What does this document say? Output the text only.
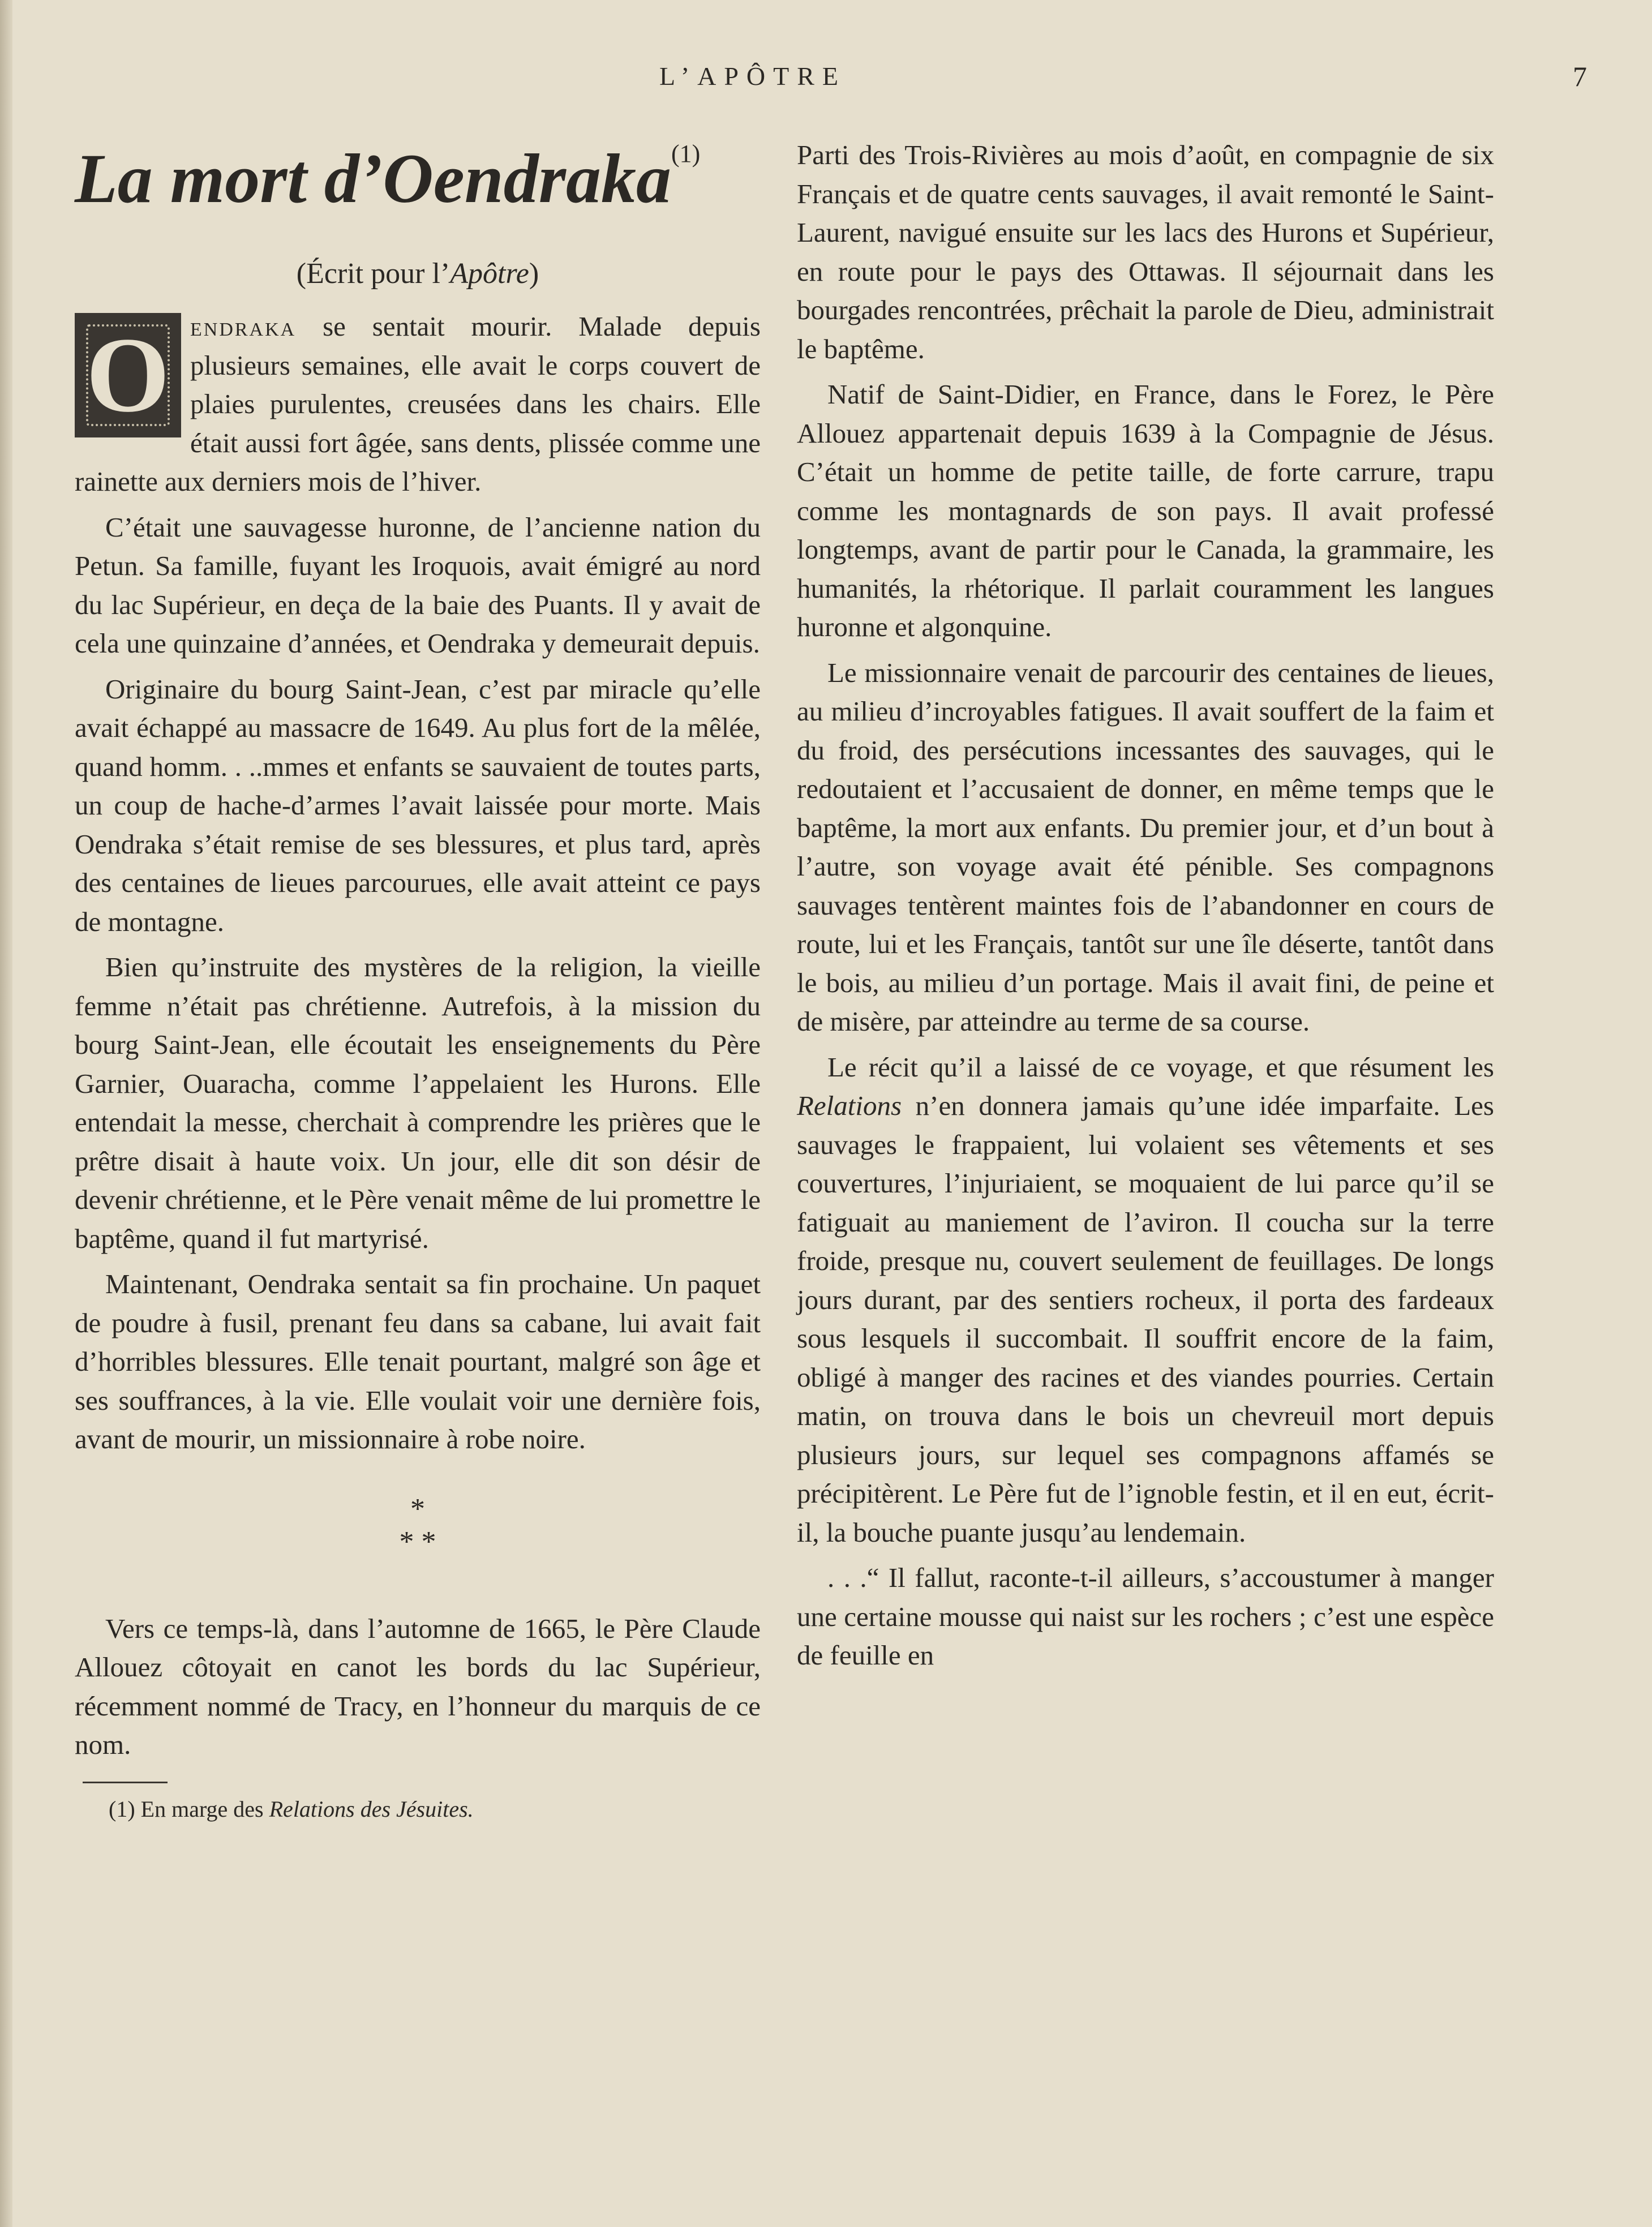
L’APÔTRE	7
La mort d’Oendraka$^{(1)}$
(Écrit pour l’Apôtre)

O endraka se sentait mourir. Malade depuis plusieurs semaines, elle avait le corps couvert de plaies purulentes, creusées dans les chairs. Elle était aussi fort âgée, sans dents, plissée comme une rainette aux derniers mois de l’hiver.

C’était une sauvagesse huronne, de l’ancienne nation du Petun. Sa famille, fuyant les Iroquois, avait émigré au nord du lac Supérieur, en deça de la baie des Puants. Il y avait de cela une quinzaine d’années, et Oendraka y demeurait depuis.

Originaire du bourg Saint-Jean, c’est par miracle qu’elle avait échappé au massacre de 1649. Au plus fort de la mêlée, quand homm. . ..mmes et enfants se sauvaient de toutes parts, un coup de hache-d’armes l’avait laissée pour morte. Mais Oendraka s’était remise de ses blessures, et plus tard, après des centaines de lieues parcourues, elle avait atteint ce pays de montagne.

Bien qu’instruite des mystères de la religion, la vieille femme n’était pas chrétienne. Autrefois, à la mission du bourg Saint-Jean, elle écoutait les enseignements du Père Garnier, Ouaracha, comme l’appelaient les Hurons. Elle entendait la messe, cherchait à comprendre les prières que le prêtre disait à haute voix. Un jour, elle dit son désir de devenir chrétienne, et le Père venait même de lui promettre le baptême, quand il fut martyrisé.

Maintenant, Oendraka sentait sa fin prochaine. Un paquet de poudre à fusil, prenant feu dans sa cabane, lui avait fait d’horribles blessures. Elle tenait pourtant, malgré son âge et ses souffrances, à la vie. Elle voulait voir une dernière fois, avant de mourir, un missionnaire à robe noire.

*
* *

Vers ce temps-là, dans l’automne de 1665, le Père Claude Allouez côtoyait en canot les bords du lac Supérieur, récemment nommé de Tracy, en l’honneur du marquis de ce nom.

(1) En marge des Relations des Jésuites.

Parti des Trois-Rivières au mois d’août, en compagnie de six Français et de quatre cents sauvages, il avait remonté le Saint-Laurent, navigué ensuite sur les lacs des Hurons et Supérieur, en route pour le pays des Ottawas. Il séjournait dans les bourgades rencontrées, prêchait la parole de Dieu, administrait le baptême.

Natif de Saint-Didier, en France, dans le Forez, le Père Allouez appartenait depuis 1639 à la Compagnie de Jésus. C’était un homme de petite taille, de forte carrure, trapu comme les montagnards de son pays. Il avait professé longtemps, avant de partir pour le Canada, la grammaire, les humanités, la rhétorique. Il parlait couramment les langues huronne et algonquine.

Le missionnaire venait de parcourir des centaines de lieues, au milieu d’incroyables fatigues. Il avait souffert de la faim et du froid, des persécutions incessantes des sauvages, qui le redoutaient et l’accusaient de donner, en même temps que le baptême, la mort aux enfants. Du premier jour, et d’un bout à l’autre, son voyage avait été pénible. Ses compagnons sauvages tentèrent maintes fois de l’abandonner en cours de route, lui et les Français, tantôt sur une île déserte, tantôt dans le bois, au milieu d’un portage. Mais il avait fini, de peine et de misère, par atteindre au terme de sa course.

Le récit qu’il a laissé de ce voyage, et que résument les Relations n’en donnera jamais qu’une idée imparfaite. Les sauvages le frappaient, lui volaient ses vêtements et ses couvertures, l’injuriaient, se moquaient de lui parce qu’il se fatiguait au maniement de l’aviron. Il coucha sur la terre froide, presque nu, couvert seulement de feuillages. De longs jours durant, par des sentiers rocheux, il porta des fardeaux sous lesquels il succombait. Il souffrit encore de la faim, obligé à manger des racines et des viandes pourries. Certain matin, on trouva dans le bois un chevreuil mort depuis plusieurs jours, sur lequel ses compagnons affamés se précipitèrent. Le Père fut de l’ignoble festin, et il en eut, écrit-il, la bouche puante jusqu’au lendemain.

. . .“ Il fallut, raconte-t-il ailleurs, s’accoustumer à manger une certaine mousse qui naist sur les rochers ; c’est une espèce de feuille en
